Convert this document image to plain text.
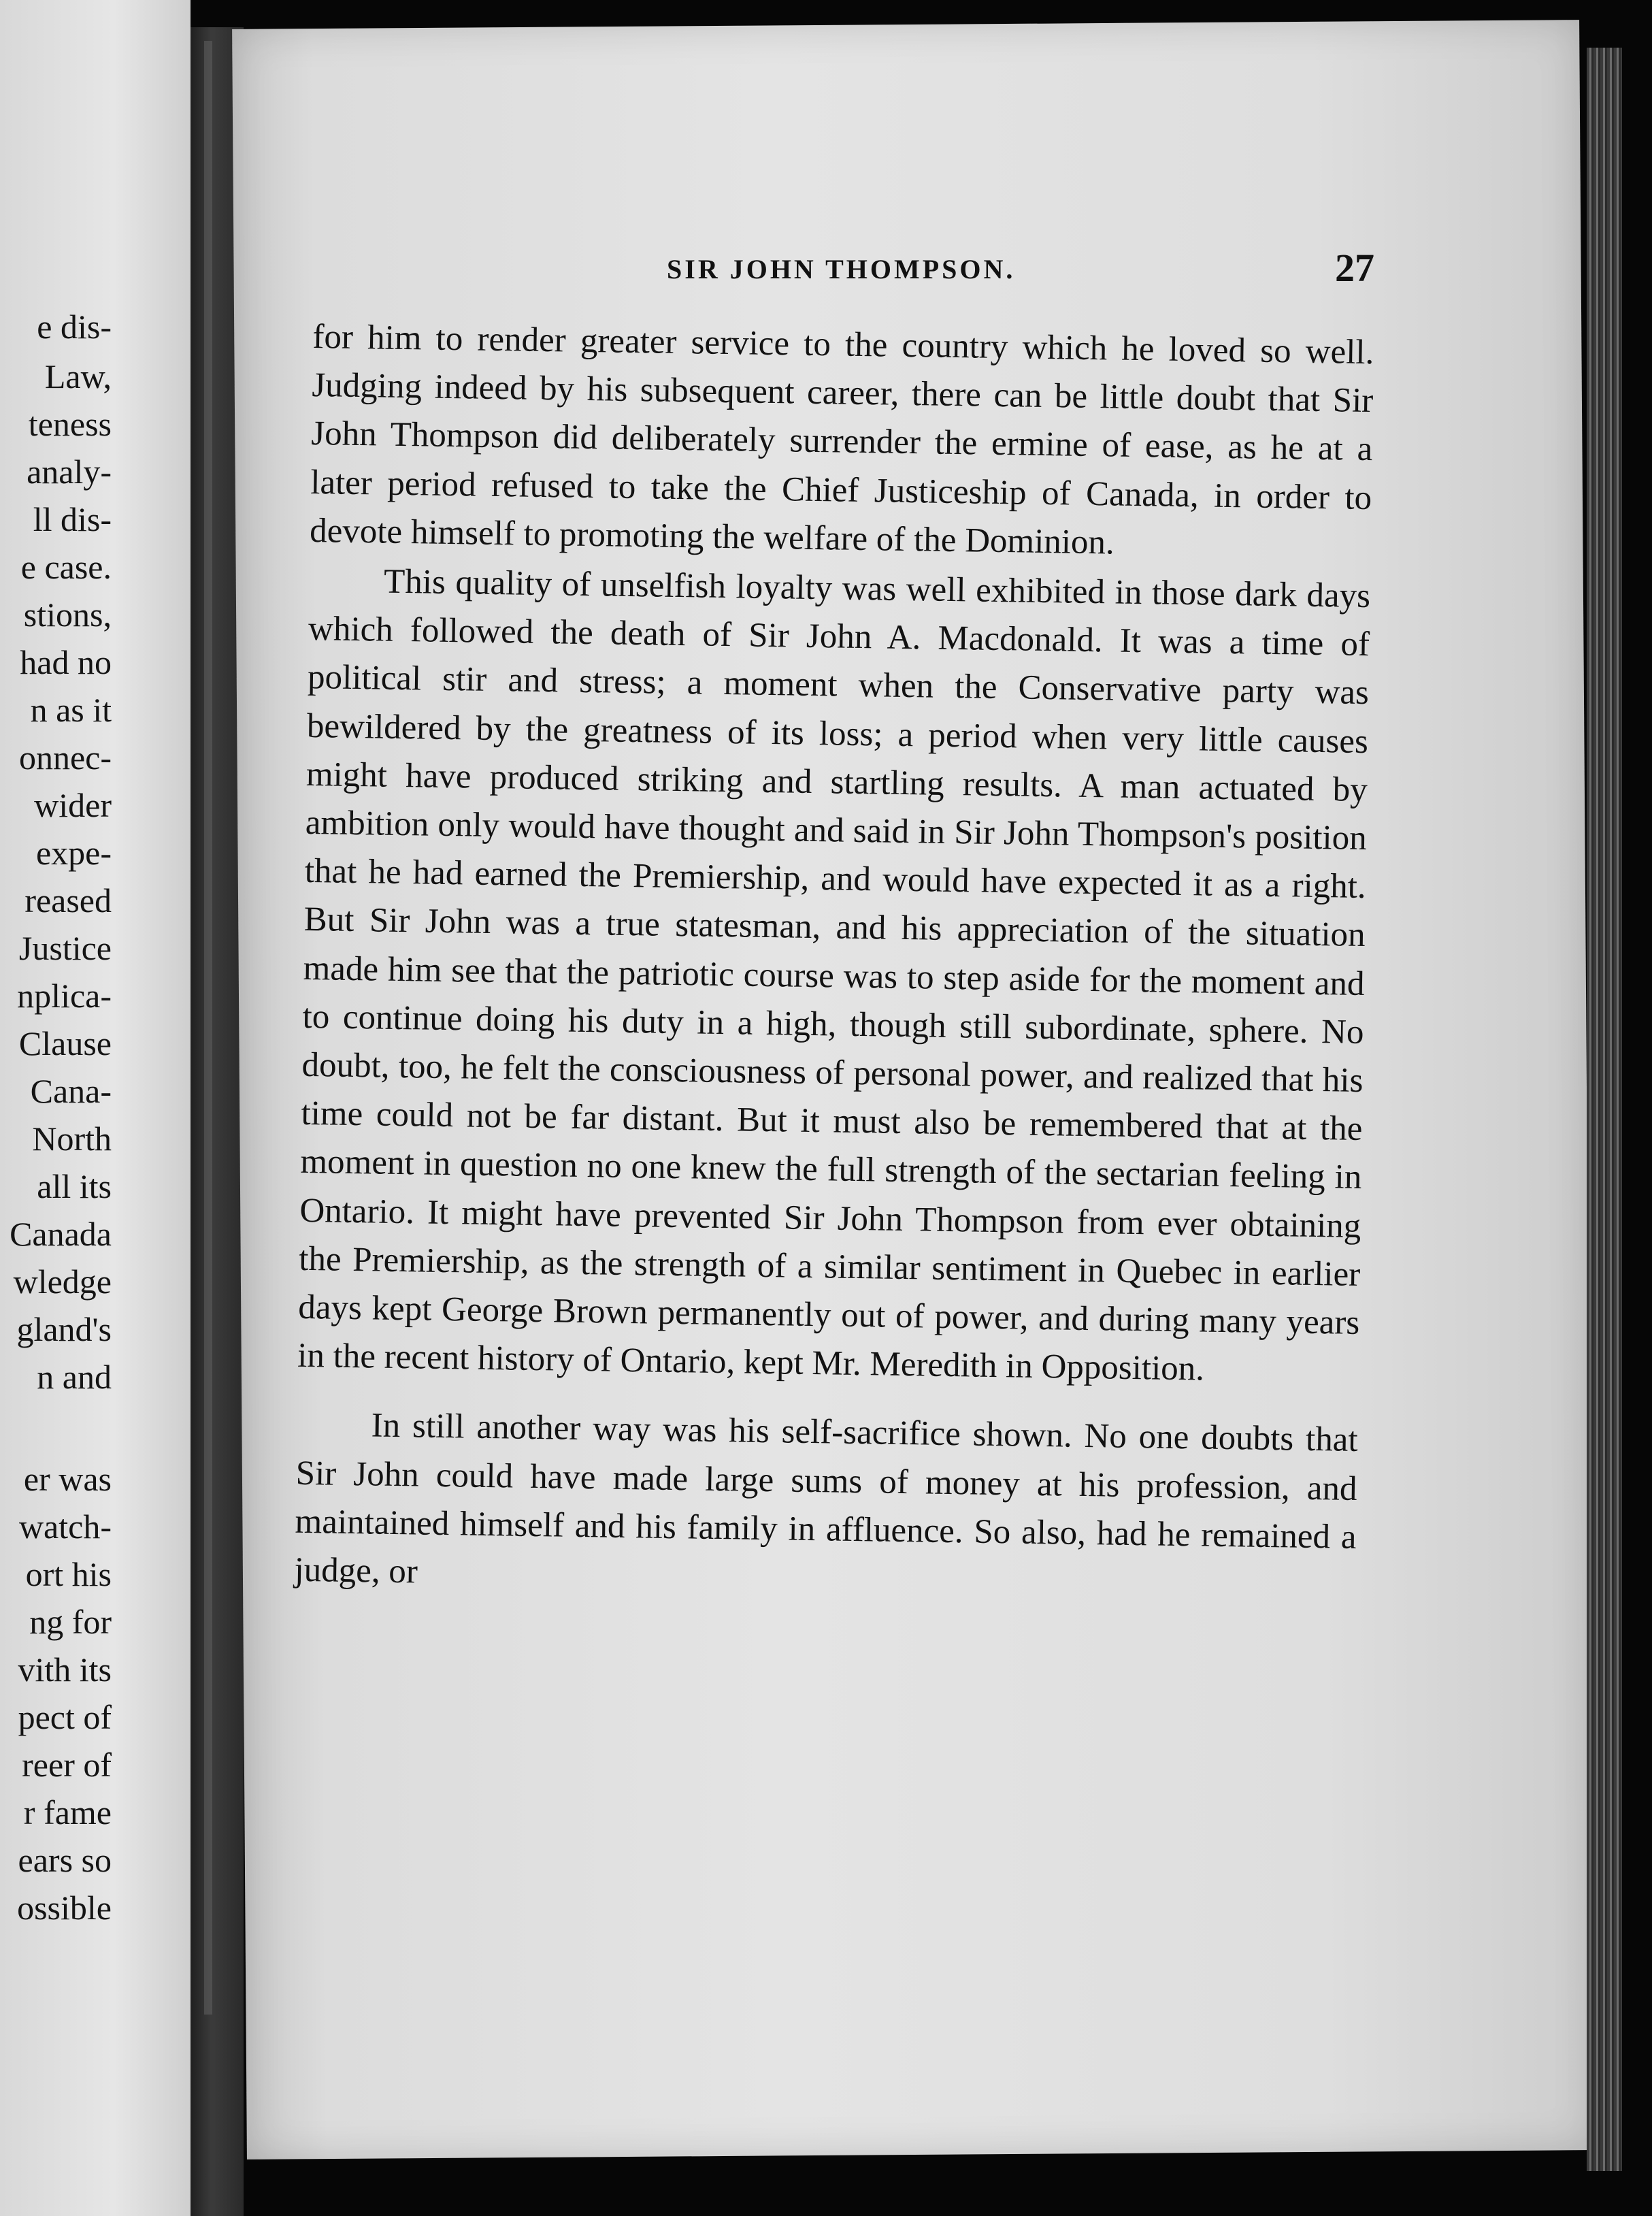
e dis-
Law,
teness
analy-
ll dis-
e case.
stions,
had no
n as it
onnec-
wider
expe-
reased
Justice
nplica-
Clause
Cana-
North
all its
Canada
wledge
gland's
n and
er was
watch-
ort his
ng for
vith its
pect of
reer of
r fame
ears so
ossible
SIR JOHN THOMPSON.	27

for him to render greater service to the country which he loved so well. Judging indeed by his subsequent career, there can be little doubt that Sir John Thompson did deliberately surrender the ermine of ease, as he at a later period refused to take the Chief Justiceship of Canada, in order to devote himself to promoting the welfare of the Dominion.

This quality of unselfish loyalty was well exhibited in those dark days which followed the death of Sir John A. Macdonald. It was a time of political stir and stress; a moment when the Conservative party was bewildered by the greatness of its loss; a period when very little causes might have produced striking and startling results. A man actuated by ambition only would have thought and said in Sir John Thompson's position that he had earned the Premiership, and would have expected it as a right. But Sir John was a true statesman, and his appreciation of the situation made him see that the patriotic course was to step aside for the moment and to continue doing his duty in a high, though still subordinate, sphere. No doubt, too, he felt the consciousness of personal power, and realized that his time could not be far distant. But it must also be remembered that at the moment in question no one knew the full strength of the sectarian feeling in Ontario. It might have prevented Sir John Thompson from ever obtaining the Premiership, as the strength of a similar sentiment in Quebec in earlier days kept George Brown permanently out of power, and during many years in the recent history of Ontario, kept Mr. Meredith in Opposition.

In still another way was his self-sacrifice shown. No one doubts that Sir John could have made large sums of money at his profession, and maintained himself and his family in affluence. So also, had he remained a judge, or
